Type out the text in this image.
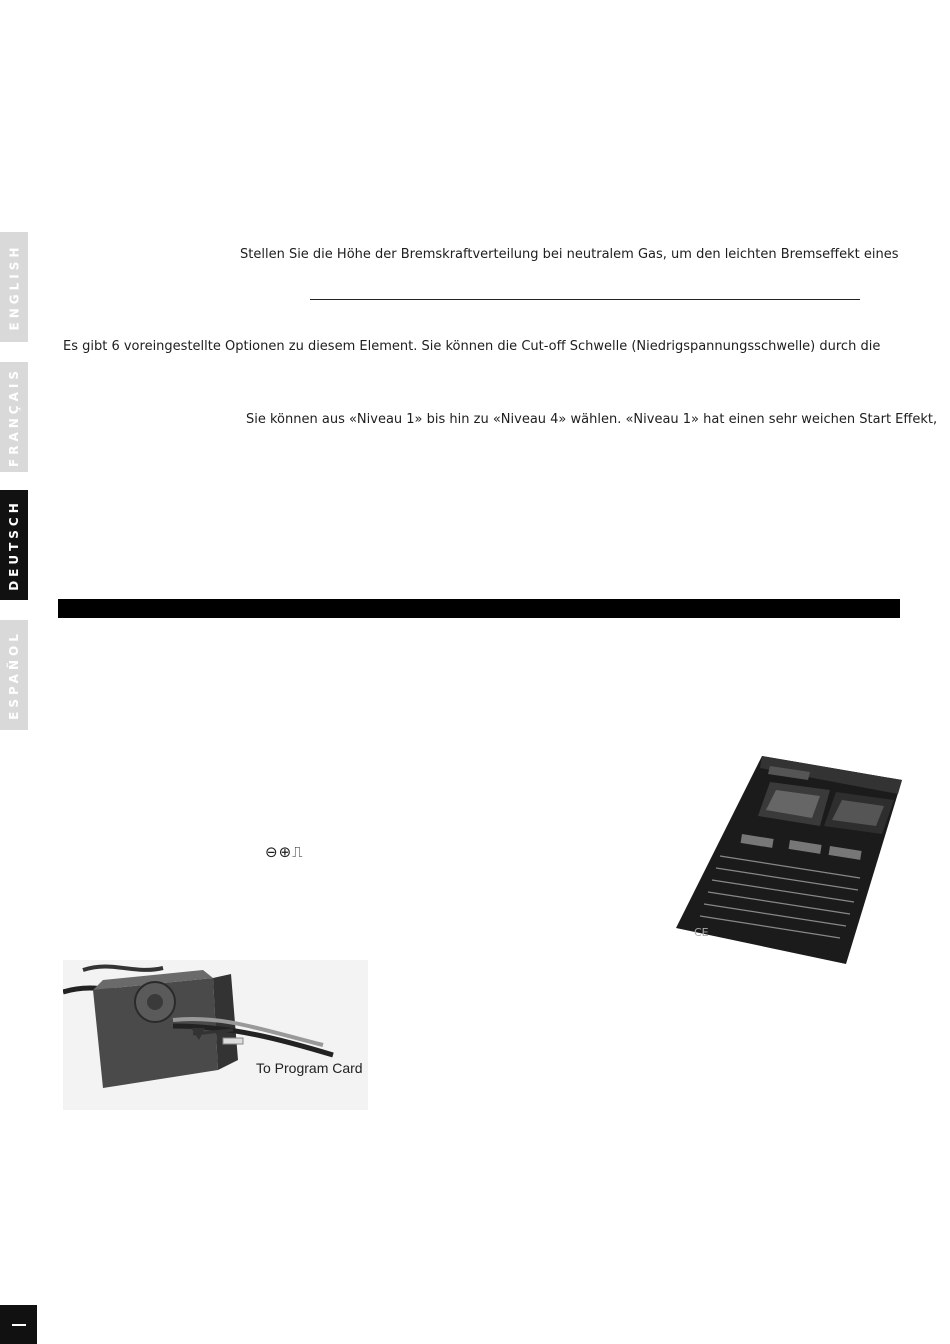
ENGLISH
FRANÇAIS
DEUTSCH
ESPAÑOL
Stellen Sie die Höhe der Bremskraftverteilung bei neutralem Gas, um den leichten Bremseffekt eines
Es gibt 6 voreingestellte Optionen zu diesem Element. Sie können die Cut-off Schwelle (Niedrigspannungsschwelle) durch die
Sie können aus «Niveau 1» bis hin zu «Niveau 4» wählen. «Niveau 1» hat einen sehr weichen Start Effekt,
⊖⊕⎍
CE
To Program Card
